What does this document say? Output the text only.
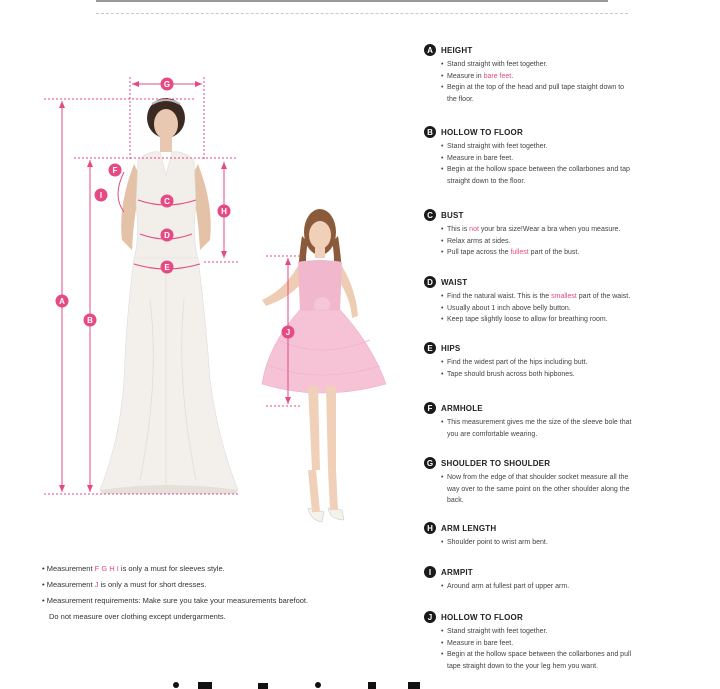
G
F
I
C
H
D
E
A
B
J
A	HEIGHT
• Stand straight with feet together.
• Measure in bare feet.
• Begin at the top of the head and pull tape staight down to
the floor.
B	HOLLOW TO FLOOR
• Stand straight with feet together.
• Measure in bare feet.
• Begin at the hollow space between the collarbones and tap
straight down to the floor.
C	BUST
• This is not your bra size!Wear a bra when you measure.
• Relax arms at sides.
• Pull tape across the fullest part of the bust.
D	WAIST
• Find the natural waist. This is the smallest part of the waist.
• Usually about 1 inch above belly button.
• Keep tape slightly loose to allow for breathing room.
E	HIPS
• Find the widest part of the hips including butt.
• Tape should brush across both hipbones.
F	ARMHOLE
• This measurement gives me the size of the sleeve bole that
you are comfortable wearing.
G SHOULDER TO SHOULDER
• Now from the edge of that shoulder socket measure all the
way over to the same point on the other shoulder along the
back.
H	ARM LENGTH
• Shoulder point to wrist arm bent.
I	ARMPIT
• Around arm at fullest part of upper arm.
J	HOLLOW TO FLOOR
• Stand straight with feet together.
• Measure in bare feet.
• Begin at the hollow space between the collarbones and pull
tape straight down to the your leg hem you want.

• Measurement F G H I is only a must for sleeves style.

• Measurement J is only a must for short dresses.

• Measurement requirements: Make sure you take your measurements barefoot.

Do not measure over clothing except undergarments.
